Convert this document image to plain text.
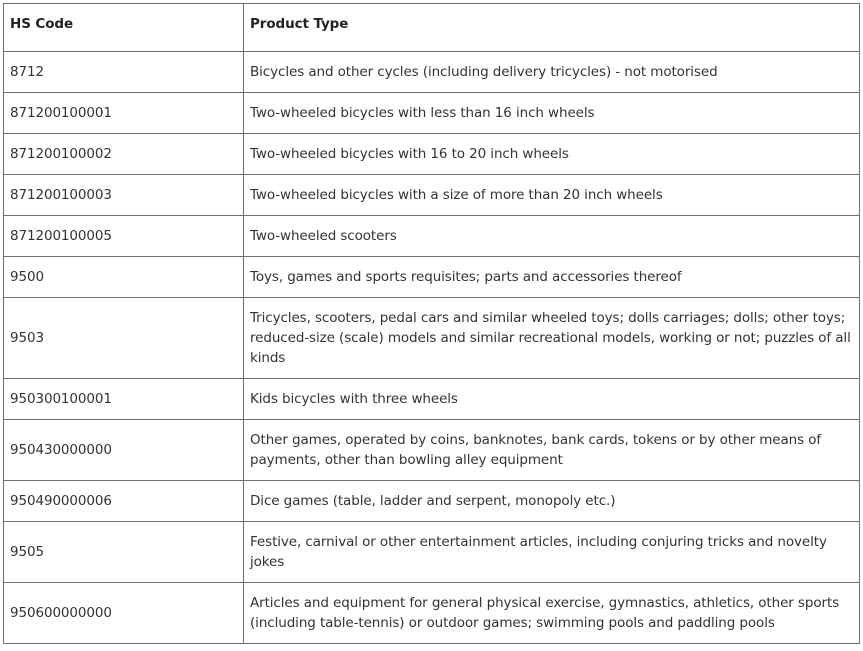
HS Code	Product Type
8712	Bicycles and other cycles (including delivery tricycles) - not motorised
871200100001	Two-wheeled bicycles with less than 16 inch wheels
871200100002	Two-wheeled bicycles with 16 to 20 inch wheels
871200100003	Two-wheeled bicycles with a size of more than 20 inch wheels
871200100005	Two-wheeled scooters
9500	Toys, games and sports requisites; parts and accessories thereof
9503	Tricycles, scooters, pedal cars and similar wheeled toys; dolls carriages; dolls; other toys; reduced-size (scale) models and similar recreational models, working or not; puzzles of all kinds
950300100001	Kids bicycles with three wheels
950430000000	Other games, operated by coins, banknotes, bank cards, tokens or by other means of payments, other than bowling alley equipment
950490000006	Dice games (table, ladder and serpent, monopoly etc.)
9505	Festive, carnival or other entertainment articles, including conjuring tricks and novelty jokes
950600000000	Articles and equipment for general physical exercise, gymnastics, athletics, other sports (including table-tennis) or outdoor games; swimming pools and paddling pools
